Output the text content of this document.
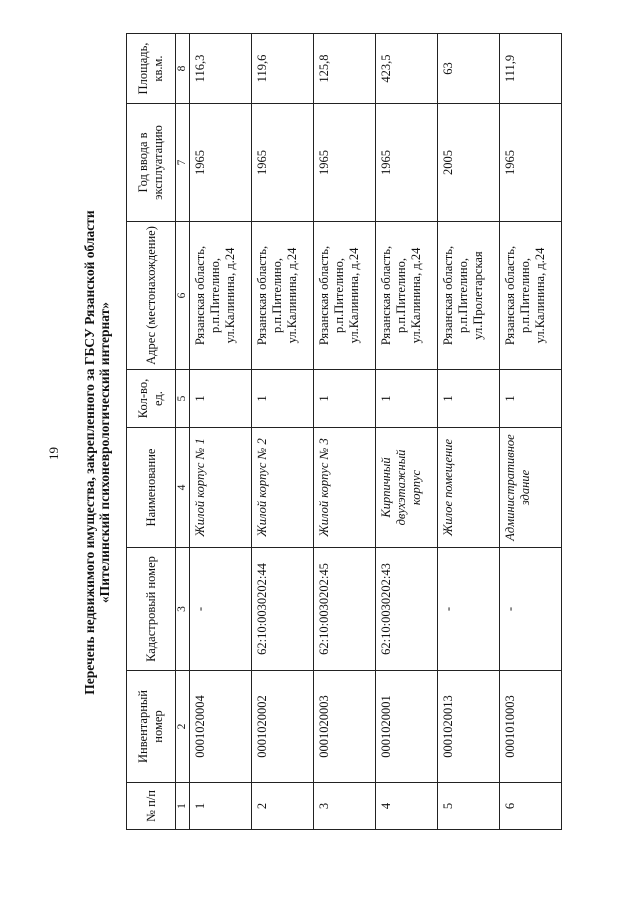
19 Перечень недвижимого имущества, закрепленного за ГБСУ Рязанской области «Пителинский психоневрологический интернат»
№ п/п	Инвентарный номер	Кадастровый номер	Наименование	Кол-во, ед.	Адрес (местонахождение)	Год ввода в эксплуатацию	Площадь, кв.м.
1	2	3	4	5	6	7	8
1	0001020004	-	Жилой корпус № 1	1	Рязанская область, р.п.Пителино, ул.Калинина, д.24	1965	116,3
2	0001020002	62:10:0030202:44	Жилой корпус № 2	1	Рязанская область, р.п.Пителино, ул.Калинина, д.24	1965	119,6
3	0001020003	62:10:0030202:45	Жилой корпус № 3	1	Рязанская область, р.п.Пителино, ул.Калинина, д.24	1965	125,8
4	0001020001	62:10:0030202:43	Кирпичный двухэтажный корпус	1	Рязанская область, р.п.Пителино, ул.Калинина, д.24	1965	423,5
5	0001020013	-	Жилое помещение	1	Рязанская область, р.п.Пителино, ул.Пролетарская	2005	63
6	0001010003	-	Административное здание	1	Рязанская область, р.п.Пителино, ул.Калинина, д.24	1965	111,9
